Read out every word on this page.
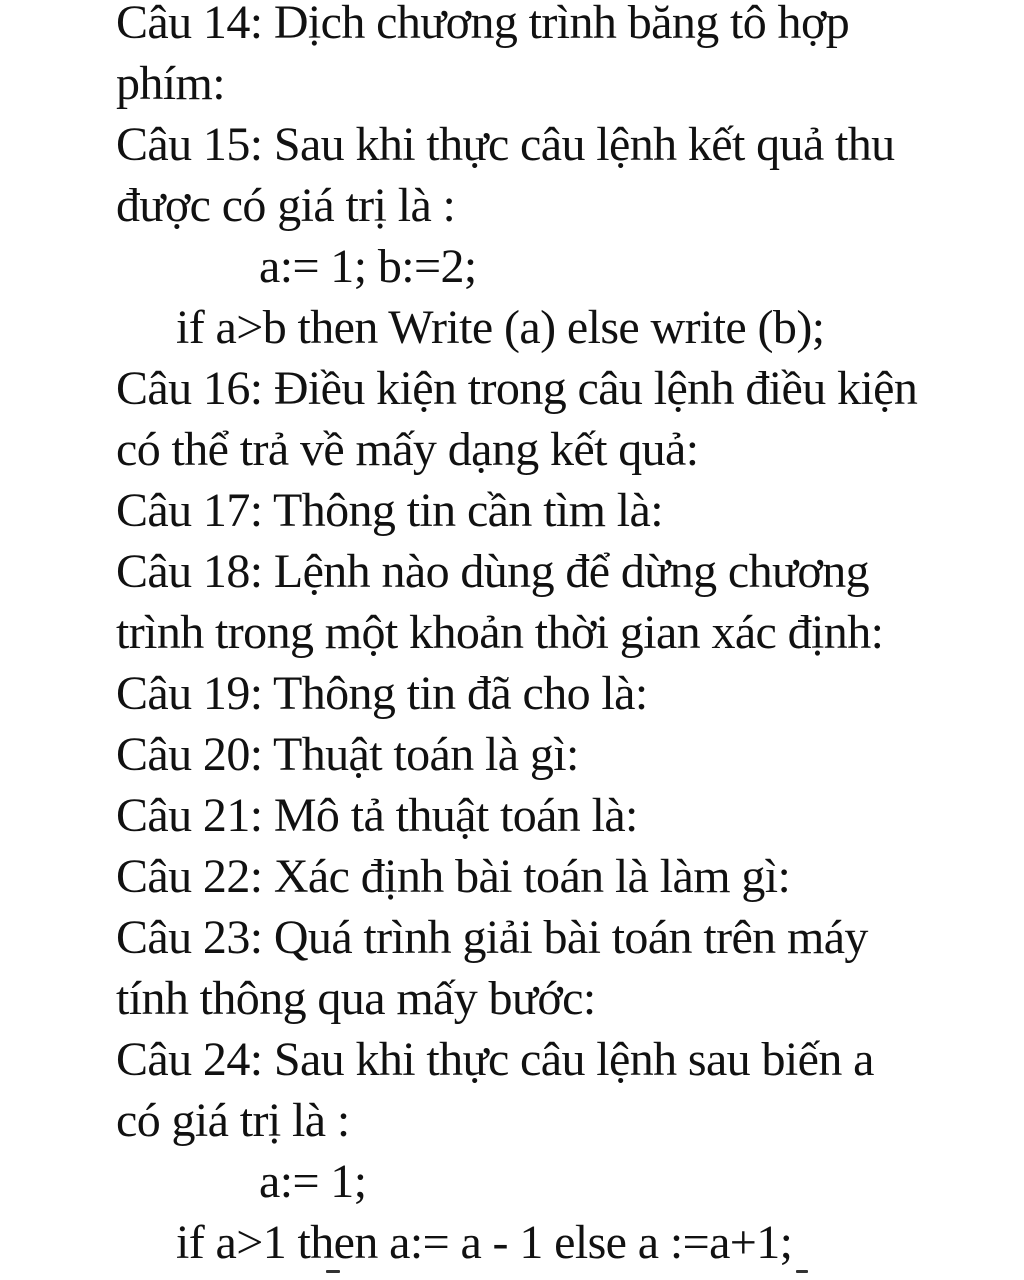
Câu 14: Dịch chương trình băng tô hợp
phím:
Câu 15: Sau khi thực câu lệnh kết quả thu
được có giá trị là :
a:= 1; b:=2;
if a>b then Write (a) else write (b);
Câu 16: Điều kiện trong câu lệnh điều kiện
có thể trả về mấy dạng kết quả:
Câu 17: Thông tin cần tìm là:
Câu 18: Lệnh nào dùng để dừng chương
trình trong một khoản thời gian xác định:
Câu 19: Thông tin đã cho là:
Câu 20: Thuật toán là gì:
Câu 21: Mô tả thuật toán là:
Câu 22: Xác định bài toán là làm gì:
Câu 23: Quá trình giải bài toán trên máy
tính thông qua mấy bước:
Câu 24: Sau khi thực câu lệnh sau biến a
có giá trị là :
a:= 1;
if a>1 then a:= a - 1 else a :=a+1;
